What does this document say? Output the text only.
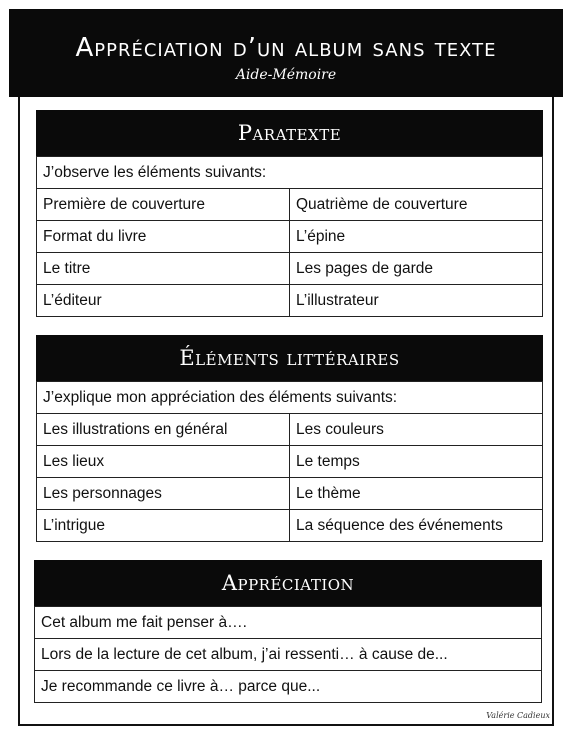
Appréciation d’un album sans texte
Aide-Mémoire
Paratexte
J’observe les éléments suivants:	
Première de couverture	Quatrième de couverture
Format du livre	L’épine
Le titre	Les pages de garde
L’éditeur	L’illustrateur
Éléments littéraires
J’explique mon appréciation des éléments suivants:	
Les illustrations en général	Les couleurs
Les lieux	Le temps
Les personnages	Le thème
L’intrigue	La séquence des événements
Appréciation
Cet album me fait penser à….
Lors de la lecture de cet album, j’ai ressenti… à cause de...
Je recommande ce livre à… parce que...
Valérie Cadieux
